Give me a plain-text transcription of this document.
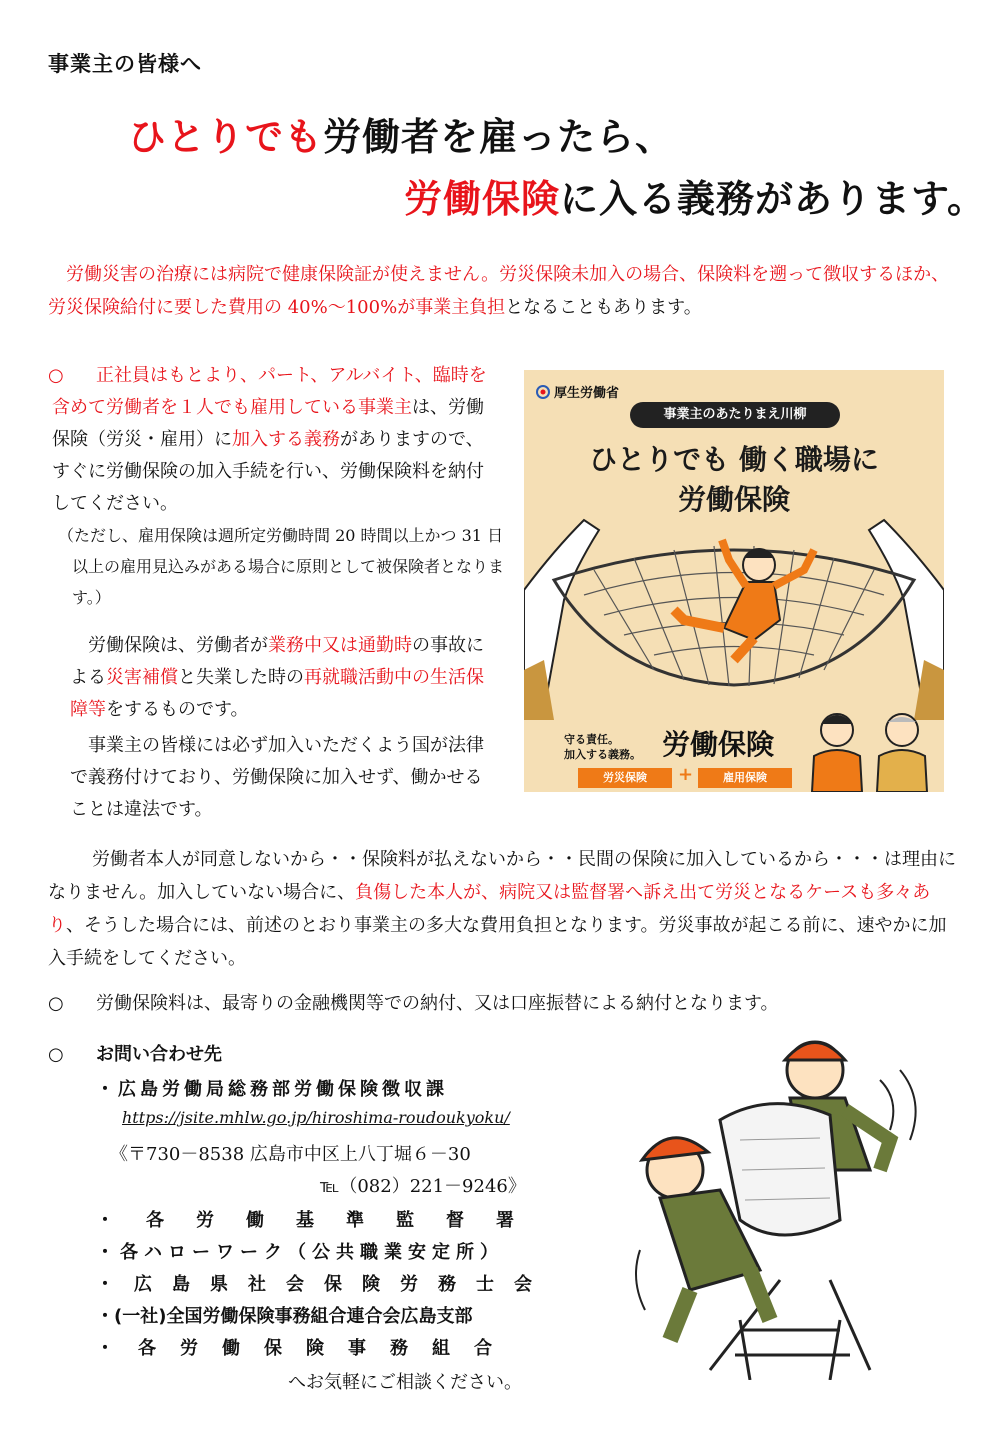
事業主の皆様へ
ひとりでも労働者を雇ったら、
労働保険に入る義務があります。

労働災害の治療には病院で健康保険証が使えません。労災保険未加入の場合、保険料を遡って徴収するほか、労災保険給付に要した費用の 40%～100%が事業主負担となることもあります。

○	正社員はもとより、パート、アルバイト、臨時を含めて労働者を１人でも雇用している事業主は、労働保険（労災・雇用）に加入する義務がありますので、すぐに労働保険の加入手続を行い、労働保険料を納付してください。
（ただし、雇用保険は週所定労働時間 20 時間以上かつ 31 日以上の雇用見込みがある場合に原則として被保険者となります。）
労働保険は、労働者が業務中又は通勤時の事故による災害補償と失業した時の再就職活動中の生活保障等をするものです。
事業主の皆様には必ず加入いただくよう国が法律で義務付けており、労働保険に加入せず、働かせることは違法です。
厚生労働省
事業主のあたりまえ川柳
ひとりでも 働く職場に
労働保険
守る責任。
加入する義務。 労働保険
労災保険	+	雇用保険
労働者本人が同意しないから・・保険料が払えないから・・民間の保険に加入しているから・・・は理由になりません。加入していない場合に、負傷した本人が、病院又は監督署へ訴え出て労災となるケースも多々あり、そうした場合には、前述のとおり事業主の多大な費用負担となります。労災事故が起こる前に、速やかに加入手続をしてください。
○ 労働保険料は、最寄りの金融機関等での納付、又は口座振替による納付となります。
○ お問い合わせ先
・広島労働局総務部労働保険徴収課
https://jsite.mhlw.go.jp/hiroshima-roudoukyoku/
《〒730－8538 広島市中区上八丁堀６－30
℡（082）221－9246》
・各労働基準監督署
・各ハローワーク（公共職業安定所）
・広島県社会保険労務士会
・(一社)全国労働保険事務組合連合会広島支部
・各労働保険事務組合
へお気軽にご相談ください。
